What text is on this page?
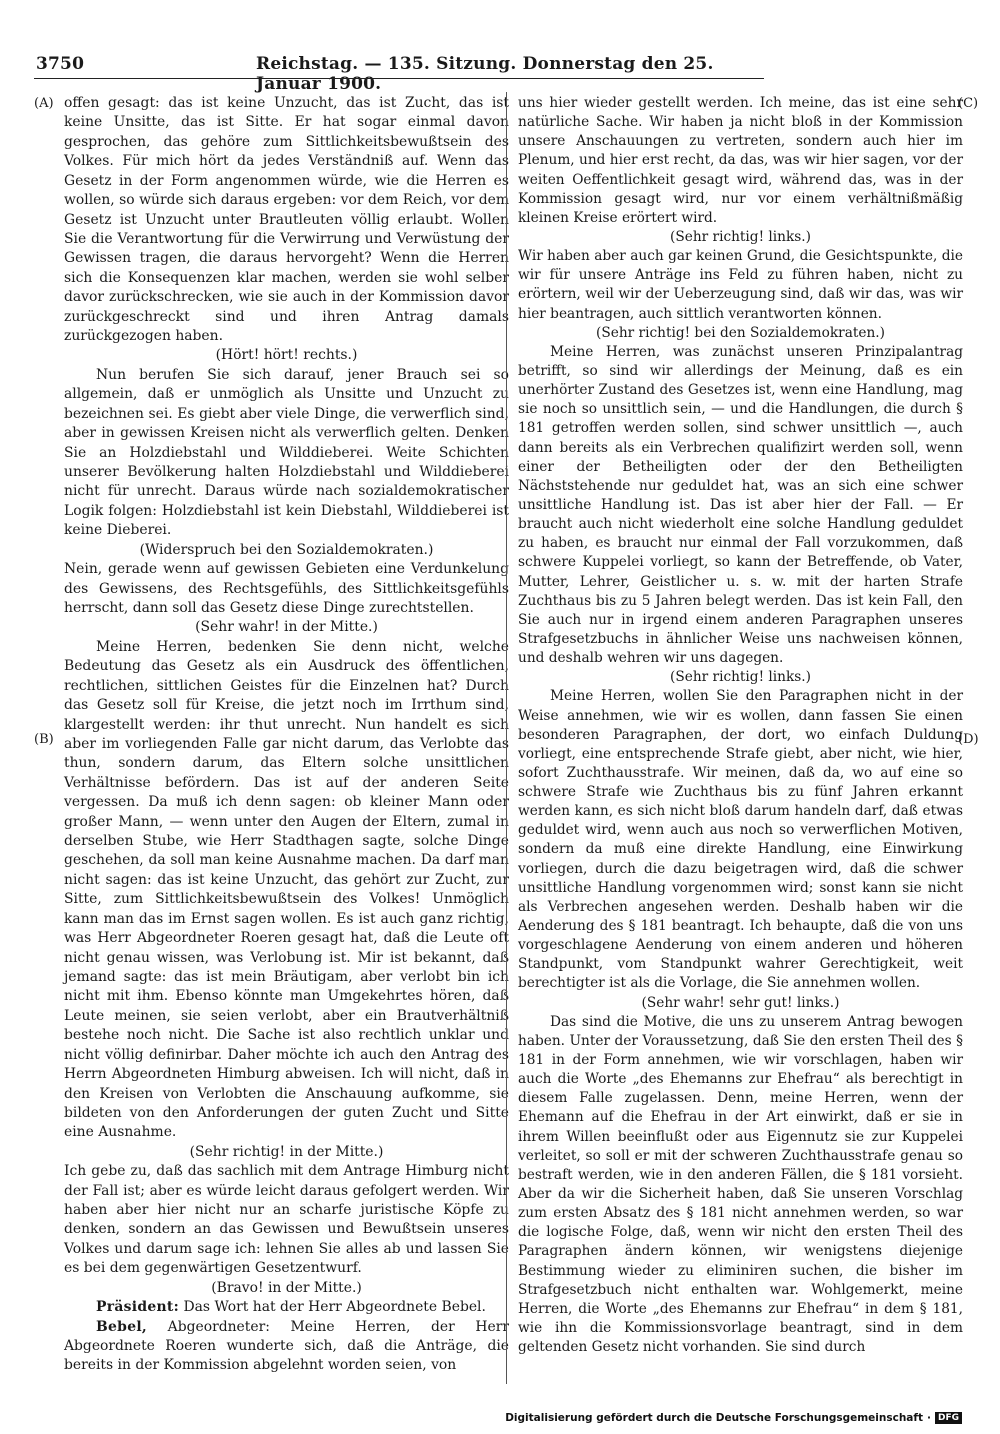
3750	Reichstag. — 135. Sitzung. Donnerstag den 25. Januar 1900.
(A)
(B)
(C)
(D)

offen gesagt: das ist keine Unzucht, das ist Zucht, das ist keine Unsitte, das ist Sitte. Er hat sogar einmal davon gesprochen, das gehöre zum Sittlichkeitsbewußtsein des Volkes. Für mich hört da jedes Verständniß auf. Wenn das Gesetz in der Form angenommen würde, wie die Herren es wollen, so würde sich daraus ergeben: vor dem Reich, vor dem Gesetz ist Unzucht unter Brautleuten völlig erlaubt. Wollen Sie die Verantwortung für die Verwirrung und Verwüstung der Gewissen tragen, die daraus hervorgeht? Wenn die Herren sich die Konsequenzen klar machen, werden sie wohl selber davor zurückschrecken, wie sie auch in der Kommission davor zurückgeschreckt sind und ihren Antrag damals zurückgezogen haben.

(Hört! hört! rechts.)

Nun berufen Sie sich darauf, jener Brauch sei so allgemein, daß er unmöglich als Unsitte und Unzucht zu bezeichnen sei. Es giebt aber viele Dinge, die verwerflich sind, aber in gewissen Kreisen nicht als verwerflich gelten. Denken Sie an Holzdiebstahl und Wilddieberei. Weite Schichten unserer Bevölkerung halten Holzdiebstahl und Wilddieberei nicht für unrecht. Daraus würde nach sozialdemokratischer Logik folgen: Holzdiebstahl ist kein Diebstahl, Wilddieberei ist keine Dieberei.

(Widerspruch bei den Sozialdemokraten.)

Nein, gerade wenn auf gewissen Gebieten eine Verdunkelung des Gewissens, des Rechtsgefühls, des Sittlichkeitsgefühls herrscht, dann soll das Gesetz diese Dinge zurechtstellen.

(Sehr wahr! in der Mitte.)

Meine Herren, bedenken Sie denn nicht, welche Bedeutung das Gesetz als ein Ausdruck des öffentlichen, rechtlichen, sittlichen Geistes für die Einzelnen hat? Durch das Gesetz soll für Kreise, die jetzt noch im Irrthum sind, klargestellt werden: ihr thut unrecht. Nun handelt es sich aber im vorliegenden Falle gar nicht darum, das Verlobte das thun, sondern darum, das Eltern solche unsittlichen Verhältnisse befördern. Das ist auf der anderen Seite vergessen. Da muß ich denn sagen: ob kleiner Mann oder großer Mann, — wenn unter den Augen der Eltern, zumal in derselben Stube, wie Herr Stadthagen sagte, solche Dinge geschehen, da soll man keine Ausnahme machen. Da darf man nicht sagen: das ist keine Unzucht, das gehört zur Zucht, zur Sitte, zum Sittlichkeitsbewußtsein des Volkes! Unmöglich kann man das im Ernst sagen wollen. Es ist auch ganz richtig, was Herr Abgeordneter Roeren gesagt hat, daß die Leute oft nicht genau wissen, was Verlobung ist. Mir ist bekannt, daß jemand sagte: das ist mein Bräutigam, aber verlobt bin ich nicht mit ihm. Ebenso könnte man Umgekehrtes hören, daß Leute meinen, sie seien verlobt, aber ein Brautverhältniß bestehe noch nicht. Die Sache ist also rechtlich unklar und nicht völlig definirbar. Daher möchte ich auch den Antrag des Herrn Abgeordneten Himburg abweisen. Ich will nicht, daß in den Kreisen von Verlobten die Anschauung aufkomme, sie bildeten von den Anforderungen der guten Zucht und Sitte eine Ausnahme.

(Sehr richtig! in der Mitte.)

Ich gebe zu, daß das sachlich mit dem Antrage Himburg nicht der Fall ist; aber es würde leicht daraus gefolgert werden. Wir haben aber hier nicht nur an scharfe juristische Köpfe zu denken, sondern an das Gewissen und Bewußtsein unseres Volkes und darum sage ich: lehnen Sie alles ab und lassen Sie es bei dem gegenwärtigen Gesetzentwurf.

(Bravo! in der Mitte.)

Präsident: Das Wort hat der Herr Abgeordnete Bebel.

Bebel, Abgeordneter: Meine Herren, der Herr Abgeordnete Roeren wunderte sich, daß die Anträge, die bereits in der Kommission abgelehnt worden seien, von

uns hier wieder gestellt werden. Ich meine, das ist eine sehr natürliche Sache. Wir haben ja nicht bloß in der Kommission unsere Anschauungen zu vertreten, sondern auch hier im Plenum, und hier erst recht, da das, was wir hier sagen, vor der weiten Oeffentlichkeit gesagt wird, während das, was in der Kommission gesagt wird, nur vor einem verhältnißmäßig kleinen Kreise erörtert wird.

(Sehr richtig! links.)

Wir haben aber auch gar keinen Grund, die Gesichtspunkte, die wir für unsere Anträge ins Feld zu führen haben, nicht zu erörtern, weil wir der Ueberzeugung sind, daß wir das, was wir hier beantragen, auch sittlich verantworten können.

(Sehr richtig! bei den Sozialdemokraten.)

Meine Herren, was zunächst unseren Prinzipalantrag betrifft, so sind wir allerdings der Meinung, daß es ein unerhörter Zustand des Gesetzes ist, wenn eine Handlung, mag sie noch so unsittlich sein, — und die Handlungen, die durch § 181 getroffen werden sollen, sind schwer unsittlich —, auch dann bereits als ein Verbrechen qualifizirt werden soll, wenn einer der Betheiligten oder der den Betheiligten Nächststehende nur geduldet hat, was an sich eine schwer unsittliche Handlung ist. Das ist aber hier der Fall. — Er braucht auch nicht wiederholt eine solche Handlung geduldet zu haben, es braucht nur einmal der Fall vorzukommen, daß schwere Kuppelei vorliegt, so kann der Betreffende, ob Vater, Mutter, Lehrer, Geistlicher u. s. w. mit der harten Strafe Zuchthaus bis zu 5 Jahren belegt werden. Das ist kein Fall, den Sie auch nur in irgend einem anderen Paragraphen unseres Strafgesetzbuchs in ähnlicher Weise uns nachweisen können, und deshalb wehren wir uns dagegen.

(Sehr richtig! links.)

Meine Herren, wollen Sie den Paragraphen nicht in der Weise annehmen, wie wir es wollen, dann fassen Sie einen besonderen Paragraphen, der dort, wo einfach Duldung vorliegt, eine entsprechende Strafe giebt, aber nicht, wie hier, sofort Zuchthausstrafe. Wir meinen, daß da, wo auf eine so schwere Strafe wie Zuchthaus bis zu fünf Jahren erkannt werden kann, es sich nicht bloß darum handeln darf, daß etwas geduldet wird, wenn auch aus noch so verwerflichen Motiven, sondern da muß eine direkte Handlung, eine Einwirkung vorliegen, durch die dazu beigetragen wird, daß die schwer unsittliche Handlung vorgenommen wird; sonst kann sie nicht als Verbrechen angesehen werden. Deshalb haben wir die Aenderung des § 181 beantragt. Ich behaupte, daß die von uns vorgeschlagene Aenderung von einem anderen und höheren Standpunkt, vom Standpunkt wahrer Gerechtigkeit, weit berechtigter ist als die Vorlage, die Sie annehmen wollen.

(Sehr wahr! sehr gut! links.)

Das sind die Motive, die uns zu unserem Antrag bewogen haben. Unter der Voraussetzung, daß Sie den ersten Theil des § 181 in der Form annehmen, wie wir vorschlagen, haben wir auch die Worte „des Ehemanns zur Ehefrau“ als berechtigt in diesem Falle zugelassen. Denn, meine Herren, wenn der Ehemann auf die Ehefrau in der Art einwirkt, daß er sie in ihrem Willen beeinflußt oder aus Eigennutz sie zur Kuppelei verleitet, so soll er mit der schweren Zuchthausstrafe genau so bestraft werden, wie in den anderen Fällen, die § 181 vorsieht. Aber da wir die Sicherheit haben, daß Sie unseren Vorschlag zum ersten Absatz des § 181 nicht annehmen werden, so war die logische Folge, daß, wenn wir nicht den ersten Theil des Paragraphen ändern können, wir wenigstens diejenige Bestimmung wieder zu eliminiren suchen, die bisher im Strafgesetzbuch nicht enthalten war. Wohlgemerkt, meine Herren, die Worte „des Ehemanns zur Ehefrau“ in dem § 181, wie ihn die Kommissionsvorlage beantragt, sind in dem geltenden Gesetz nicht vorhanden. Sie sind durch

Digitalisierung gefördert durch die Deutsche Forschungsgemeinschaft · DFG
